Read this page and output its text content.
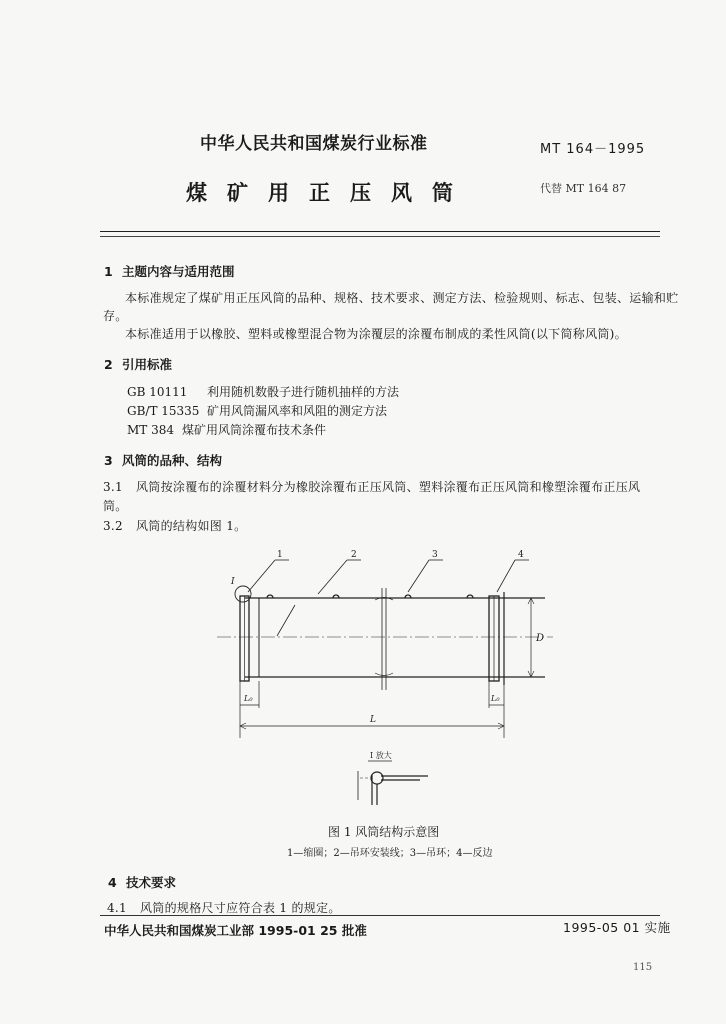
中华人民共和国煤炭行业标准	MT 164－1995
煤矿用正压风筒	代替 MT 164 87
1 主题内容与适用范围
本标准规定了煤矿用正压风筒的品种、规格、技术要求、测定方法、检验规则、标志、包装、运输和贮
存。
本标准适用于以橡胶、塑料或橡塑混合物为涂覆层的涂覆布制成的柔性风筒(以下简称风筒)。
2 引用标准
GB 10111 利用随机数骰子进行随机抽样的方法
GB/T 15335 矿用风筒漏风率和风阻的测定方法
MT 384 煤矿用风筒涂覆布技术条件
3 风筒的品种、结构
3.1 风筒按涂覆布的涂覆材料分为橡胶涂覆布正压风筒、塑料涂覆布正压风筒和橡塑涂覆布正压风
筒。
3.2 风筒的结构如图 1。
1	2	3	4
I
D
L₀	L₀
L
I 放大
图 1 风筒结构示意图
1—缩圈；2—吊环安装线；3—吊环；4—反边
4 技术要求
4.1 风筒的规格尺寸应符合表 1 的规定。
中华人民共和国煤炭工业部 1995-01 25 批准	1995-05 01 实施
115
